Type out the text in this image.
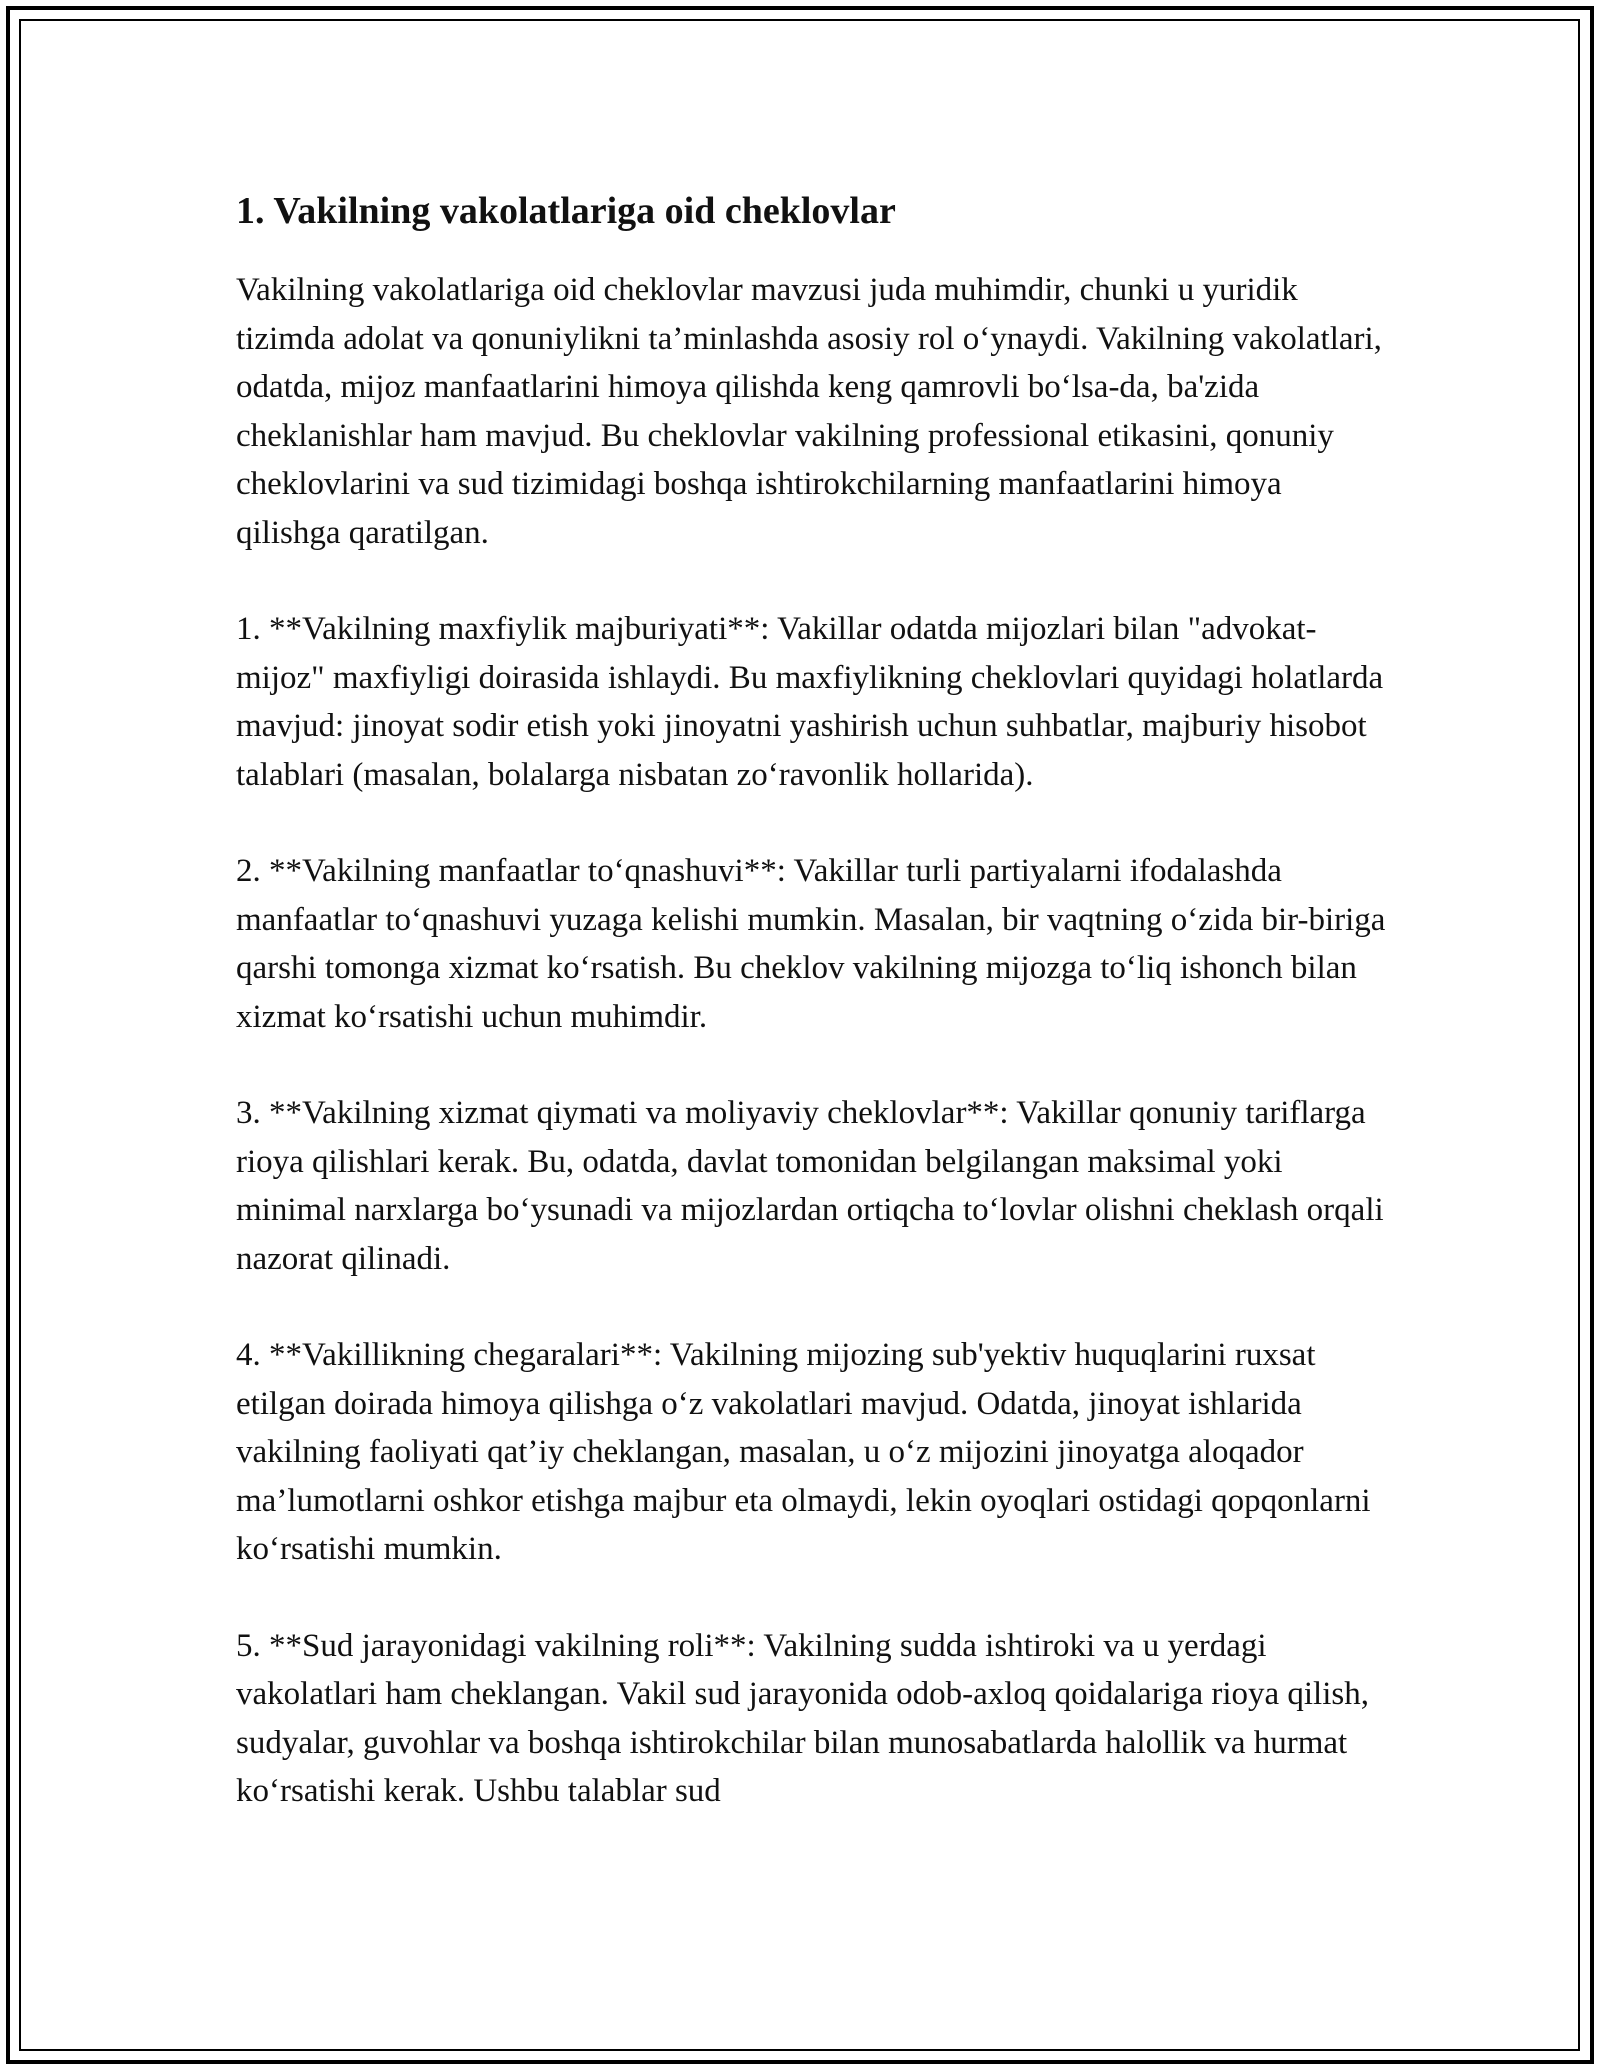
1. Vakilning vakolatlariga oid cheklovlar

Vakilning vakolatlariga oid cheklovlar mavzusi juda muhimdir, chunki u yuridik tizimda adolat va qonuniylikni ta’minlashda asosiy rol o‘ynaydi. Vakilning vakolatlari, odatda, mijoz manfaatlarini himoya qilishda keng qamrovli bo‘lsa-da, ba'zida cheklanishlar ham mavjud. Bu cheklovlar vakilning professional etikasini, qonuniy cheklovlarini va sud tizimidagi boshqa ishtirokchilarning manfaatlarini himoya qilishga qaratilgan.

1. **Vakilning maxfiylik majburiyati**: Vakillar odatda mijozlari bilan "advokat-mijoz" maxfiyligi doirasida ishlaydi. Bu maxfiylikning cheklovlari quyidagi holatlarda mavjud: jinoyat sodir etish yoki jinoyatni yashirish uchun suhbatlar, majburiy hisobot talablari (masalan, bolalarga nisbatan zo‘ravonlik hollarida).

2. **Vakilning manfaatlar to‘qnashuvi**: Vakillar turli partiyalarni ifodalashda manfaatlar to‘qnashuvi yuzaga kelishi mumkin. Masalan, bir vaqtning o‘zida bir-biriga qarshi tomonga xizmat ko‘rsatish. Bu cheklov vakilning mijozga to‘liq ishonch bilan xizmat ko‘rsatishi uchun muhimdir.

3. **Vakilning xizmat qiymati va moliyaviy cheklovlar**: Vakillar qonuniy tariflarga rioya qilishlari kerak. Bu, odatda, davlat tomonidan belgilangan maksimal yoki minimal narxlarga bo‘ysunadi va mijozlardan ortiqcha to‘lovlar olishni cheklash orqali nazorat qilinadi.

4. **Vakillikning chegaralari**: Vakilning mijozing sub'yektiv huquqlarini ruxsat etilgan doirada himoya qilishga o‘z vakolatlari mavjud. Odatda, jinoyat ishlarida vakilning faoliyati qat’iy cheklangan, masalan, u o‘z mijozini jinoyatga aloqador ma’lumotlarni oshkor etishga majbur eta olmaydi, lekin oyoqlari ostidagi qopqonlarni ko‘rsatishi mumkin.

5. **Sud jarayonidagi vakilning roli**: Vakilning sudda ishtiroki va u yerdagi vakolatlari ham cheklangan. Vakil sud jarayonida odob-axloq qoidalariga rioya qilish, sudyalar, guvohlar va boshqa ishtirokchilar bilan munosabatlarda halollik va hurmat ko‘rsatishi kerak. Ushbu talablar sud
